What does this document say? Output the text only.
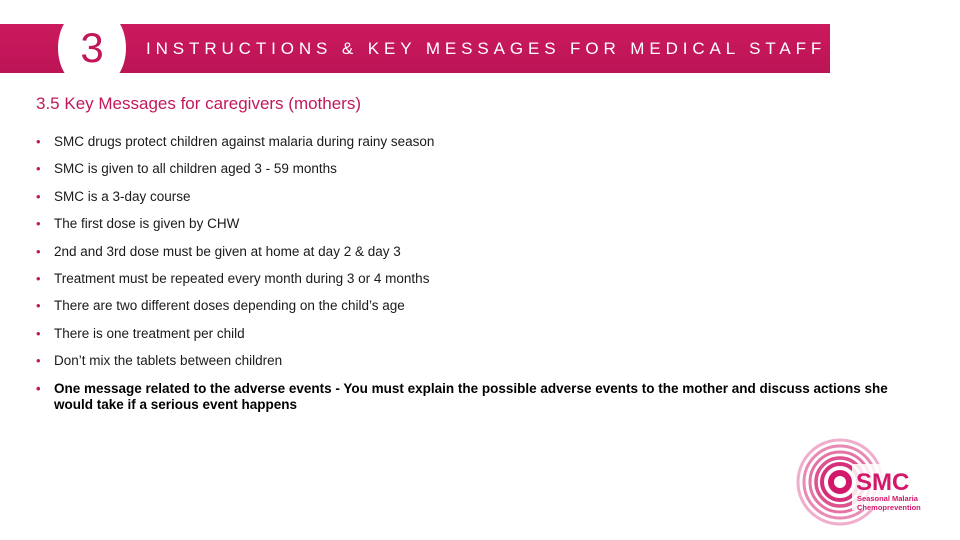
INSTRUCTIONS & KEY MESSAGES FOR MEDICAL STAFF
3
3.5 Key Messages for caregivers (mothers)
• SMC drugs protect children against malaria during rainy season
• SMC is given to all children aged 3 - 59 months
• SMC is a 3-day course
• The first dose is given by CHW
• 2nd and 3rd dose must be given at home at day 2 & day 3
• Treatment must be repeated every month during 3 or 4 months
• There are two different doses depending on the child’s age
• There is one treatment per child
• Don’t mix the tablets between children
• One message related to the adverse events - You must explain the possible adverse events to the mother and discuss actions she would take if a serious event happens
SMC
Seasonal Malaria
Chemoprevention
